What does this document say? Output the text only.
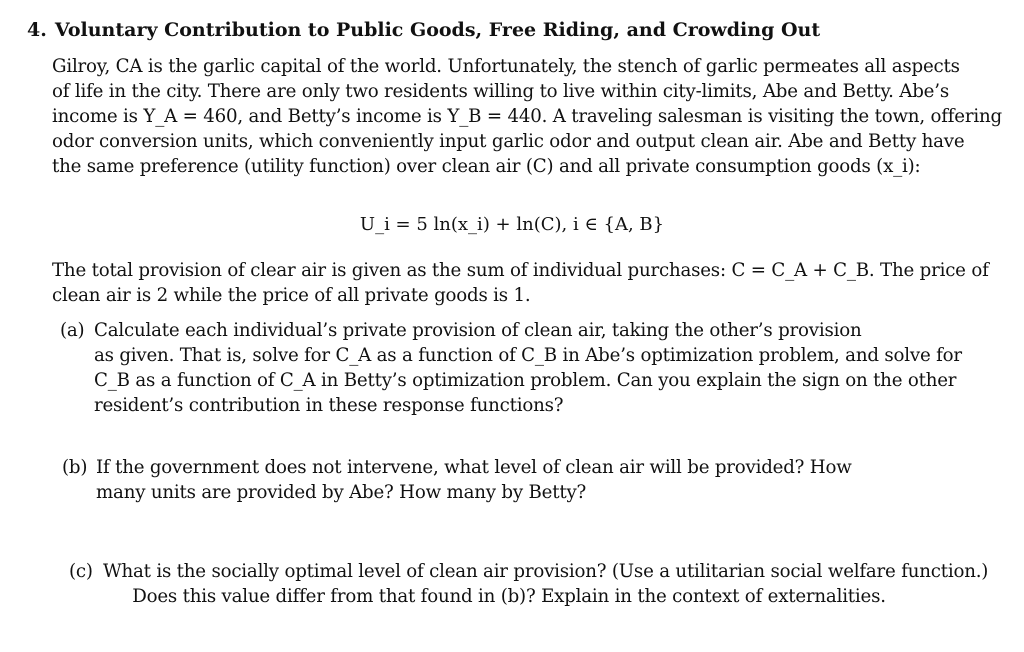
4. Voluntary Contribution to Public Goods, Free Riding, and Crowding Out
Gilroy, CA is the garlic capital of the world. Unfortunately, the stench of garlic permeates all aspects
of life in the city. There are only two residents willing to live within city-limits, Abe and Betty. Abe’s
income is Y_A = 460, and Betty’s income is Y_B = 440. A traveling salesman is visiting the town, offering
odor conversion units, which conveniently input garlic odor and output clean air. Abe and Betty have
the same preference (utility function) over clean air (C) and all private consumption goods (x_i):
U_i = 5 ln(x_i) + ln(C), i ∈ {A, B}
The total provision of clear air is given as the sum of individual purchases: C = C_A + C_B. The price of
clean air is 2 while the price of all private goods is 1.
(a) Calculate each individual’s private provision of clean air, taking the other’s provision
as given. That is, solve for C_A as a function of C_B in Abe’s optimization problem, and solve for
C_B as a function of C_A in Betty’s optimization problem. Can you explain the sign on the other
resident’s contribution in these response functions?
(b) If the government does not intervene, what level of clean air will be provided? How
many units are provided by Abe? How many by Betty?
(c) What is the socially optimal level of clean air provision? (Use a utilitarian social welfare function.)
Does this value differ from that found in (b)? Explain in the context of externalities.
